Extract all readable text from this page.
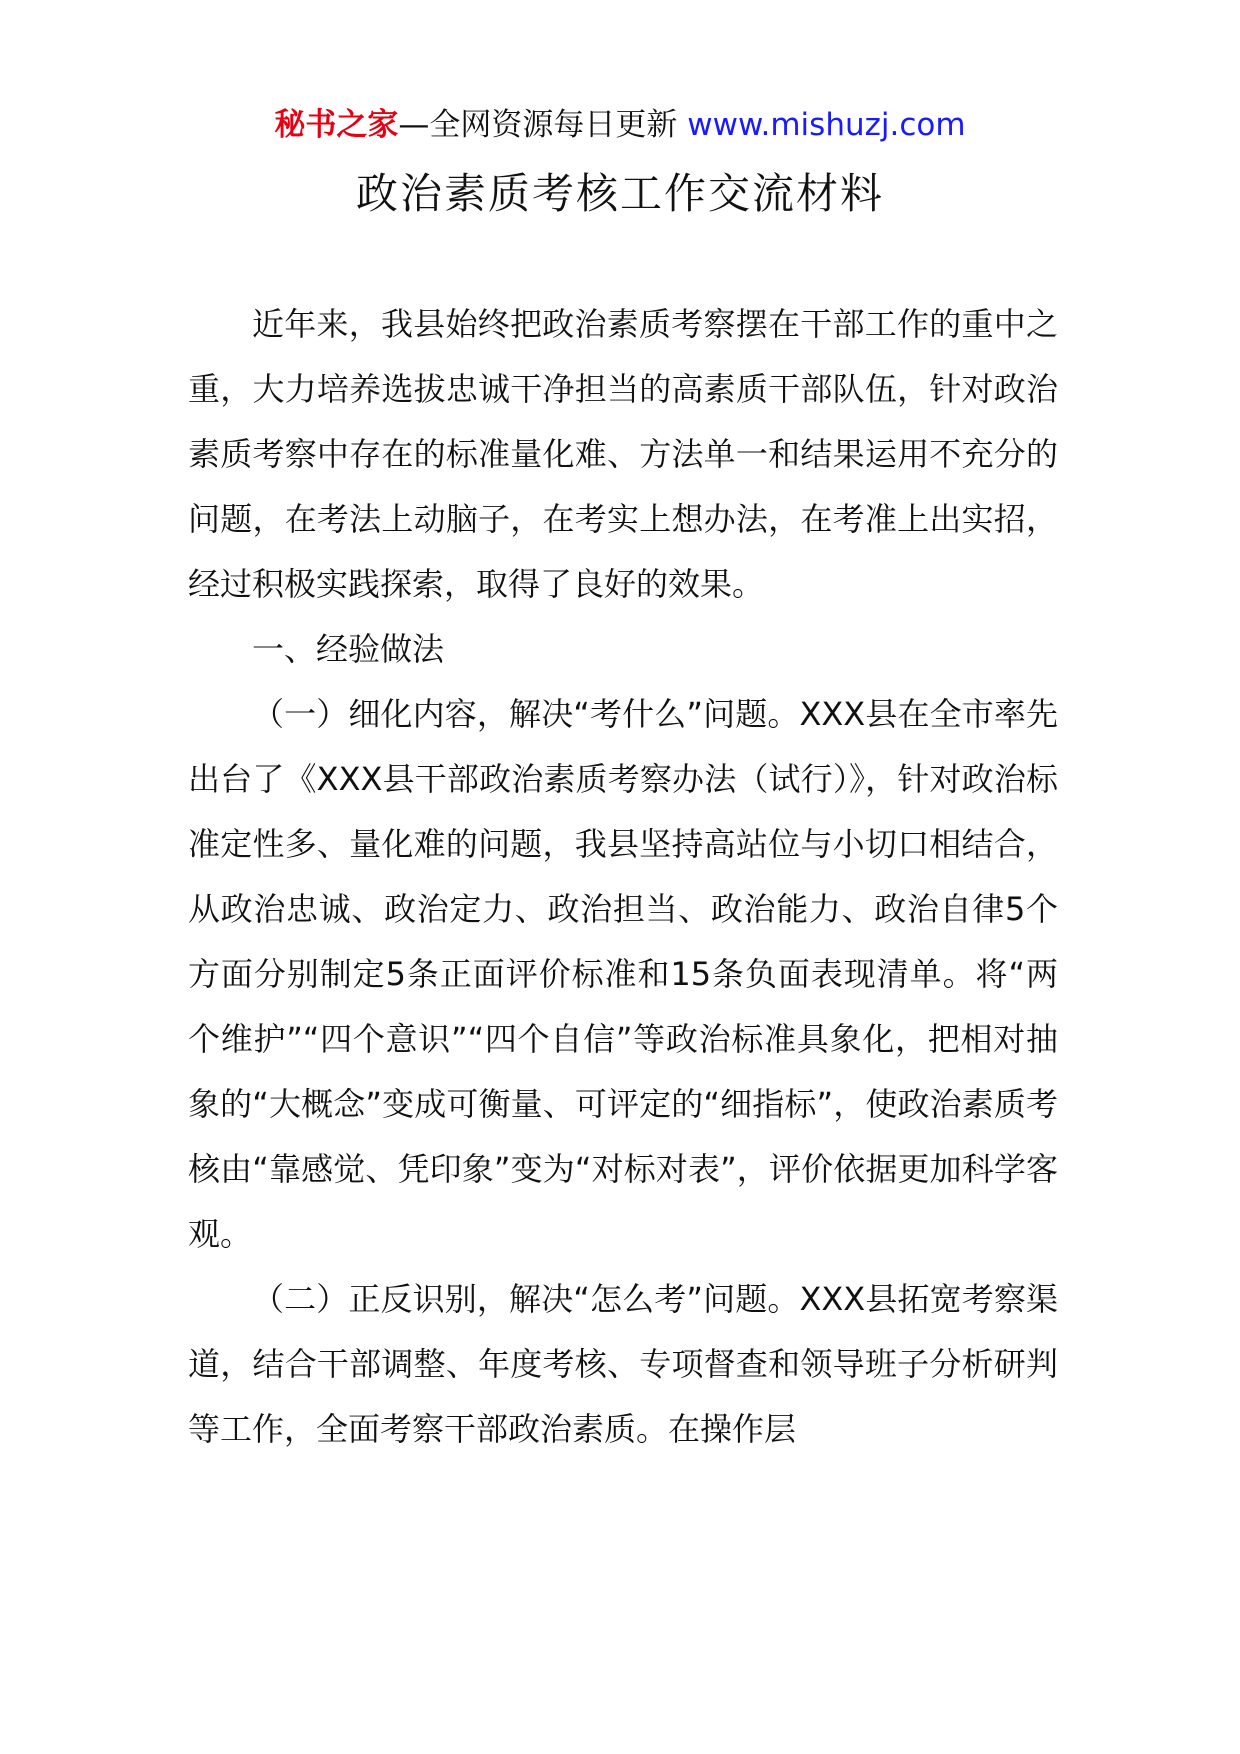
秘书之家—全网资源每日更新 www.mishuzj.com
政治素质考核工作交流材料

近年来，我县始终把政治素质考察摆在干部工作的重中之重，大力培养选拔忠诚干净担当的高素质干部队伍，针对政治素质考察中存在的标准量化难、方法单一和结果运用不充分的问题，在考法上动脑子，在考实上想办法，在考准上出实招，经过积极实践探索，取得了良好的效果。

一、经验做法

（一）细化内容，解决“考什么”问题。XXX县在全市率先出台了《XXX县干部政治素质考察办法（试行）》，针对政治标准定性多、量化难的问题，我县坚持高站位与小切口相结合，从政治忠诚、政治定力、政治担当、政治能力、政治自律5个方面分别制定5条正面评价标准和15条负面表现清单。将“两个维护”“四个意识”“四个自信”等政治标准具象化，把相对抽象的“大概念”变成可衡量、可评定的“细指标”，使政治素质考核由“靠感觉、凭印象”变为“对标对表”，评价依据更加科学客观。

（二）正反识别，解决“怎么考”问题。XXX县拓宽考察渠道，结合干部调整、年度考核、专项督查和领导班子分析研判等工作，全面考察干部政治素质。在操作层
